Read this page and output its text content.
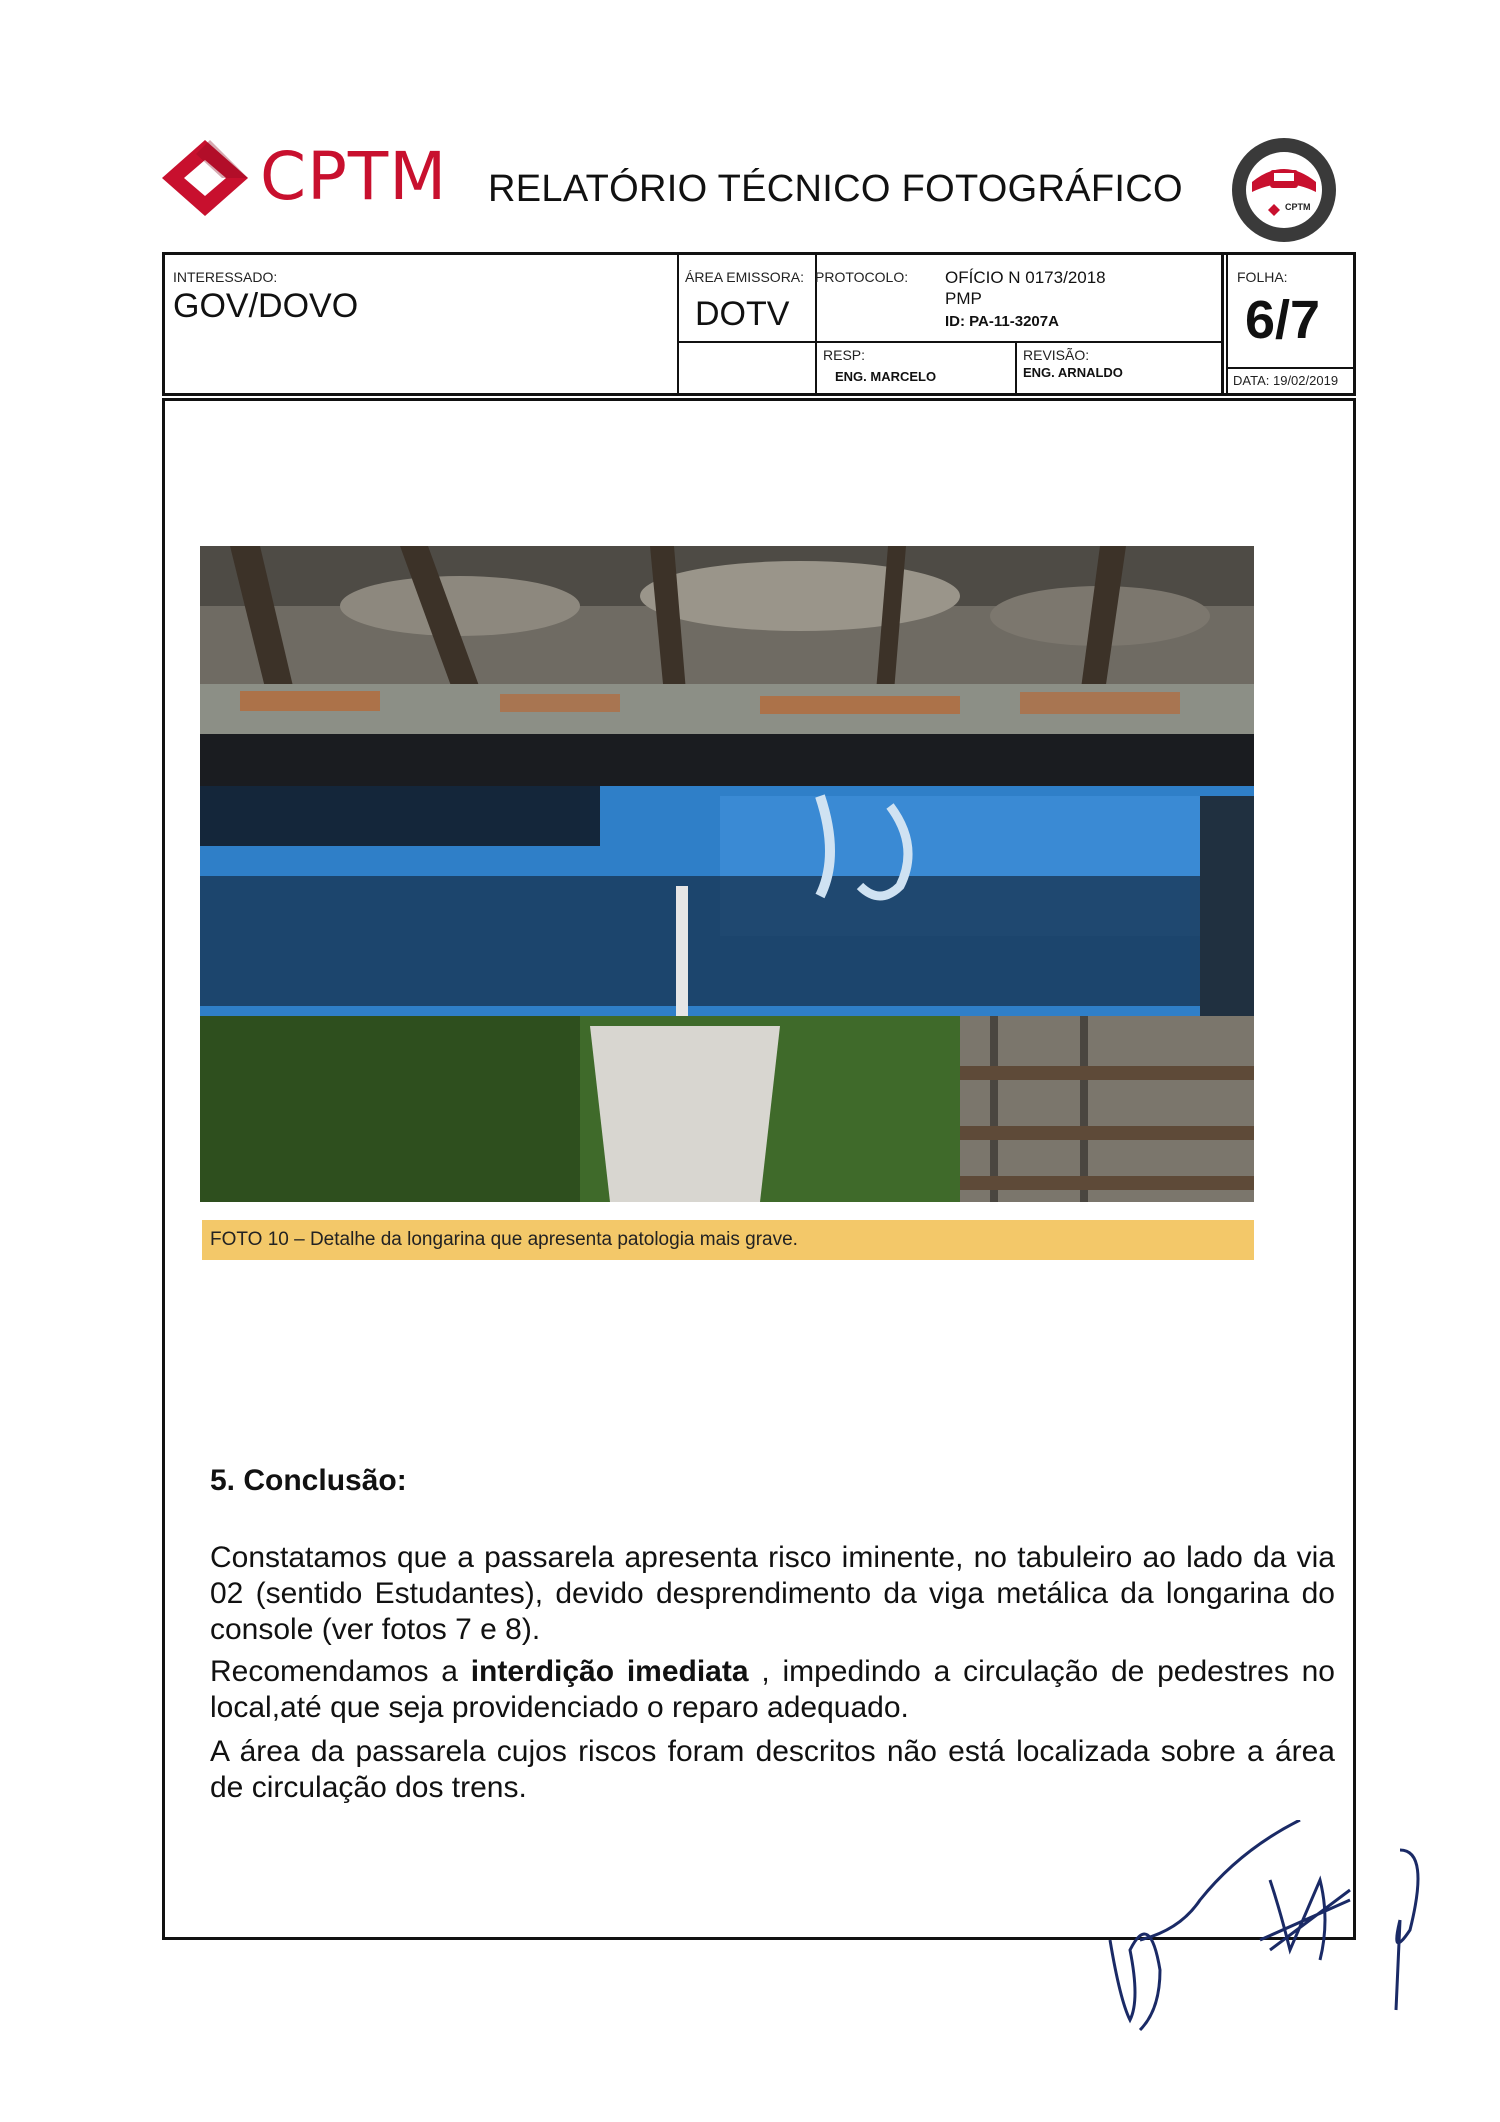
CPTM RELATÓRIO TÉCNICO FOTOGRÁFICO	CPTM
INTERESSADO:
GOV/DOVO
ÁREA EMISSORA:
DOTV
PROTOCOLO: OFÍCIO N 0173/2018
PMP
ID: PA-11-3207A
RESP:
ENG. MARCELO
REVISÃO:
ENG. ARNALDO
FOLHA:
6/7
DATA: 19/02/2019
FOTO 10 – Detalhe da longarina que apresenta patologia mais grave.
5. Conclusão:
Constatamos que a passarela apresenta risco iminente, no tabuleiro ao lado da via 02 (sentido Estudantes), devido desprendimento da viga metálica da longarina do console (ver fotos 7 e 8).
Recomendamos a interdição imediata , impedindo a circulação de pedestres no local,até que seja providenciado o reparo adequado.
A área da passarela cujos riscos foram descritos não está localizada sobre a área de circulação dos trens.
